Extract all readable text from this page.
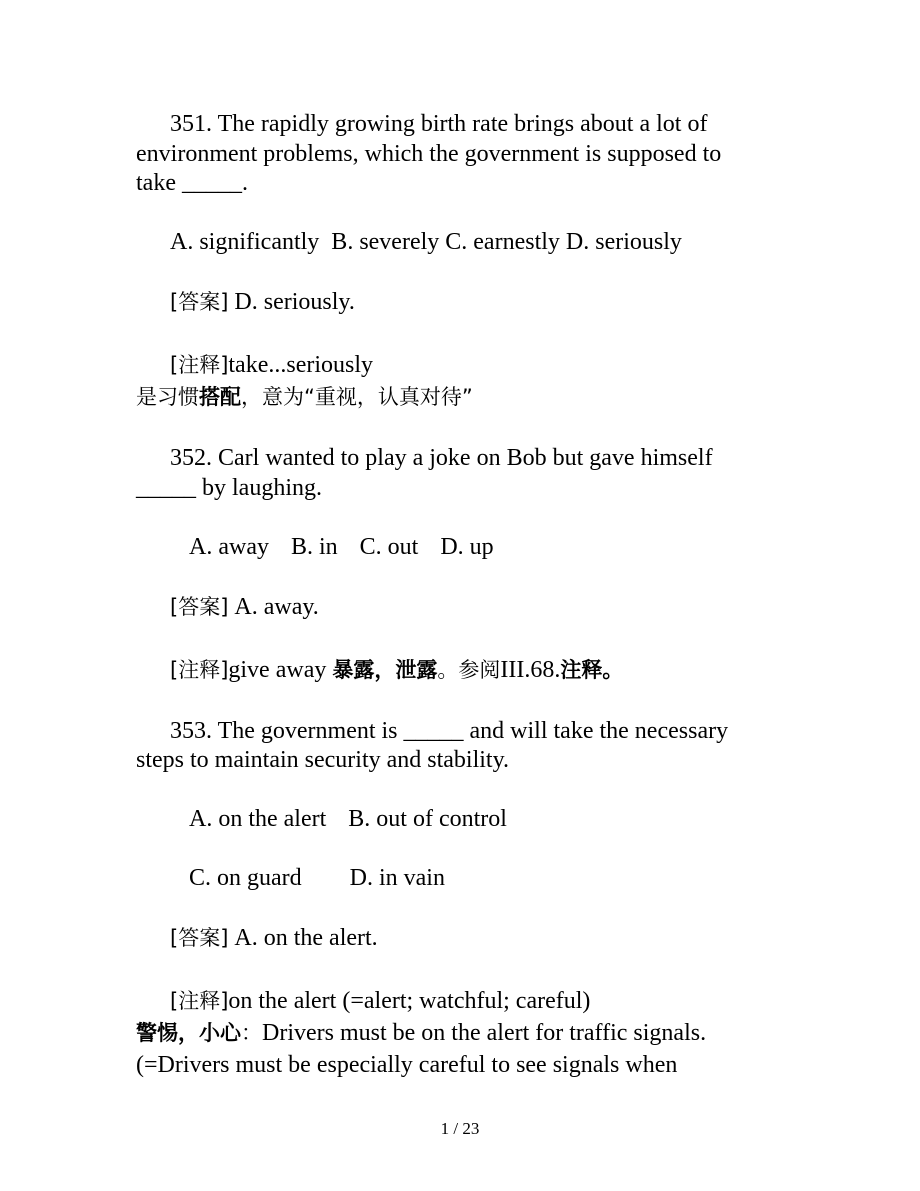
351. The rapidly growing birth rate brings about a lot of
environment problems, which the government is supposed to
take _____.
A. significantly  B. severely C. earnestly D. seriously
[答案] D. seriously.
[注释]take...seriously
是习惯搭配，意为“重视，认真对待”
352. Carl wanted to play a joke on Bob but gave himself
_____ by laughing.
A. away B. in C. out D. up
[答案] A. away.
[注释]give away 暴露，泄露。参阅III.68.注释。
353. The government is _____ and will take the necessary
steps to maintain security and stability.
A. on the alert B. out of control
C. on guard D. in vain
[答案] A. on the alert.
[注释]on the alert (=alert; watchful; careful)
警惕，小心：Drivers must be on the alert for traffic signals.
(=Drivers must be especially careful to see signals when
1 / 23
